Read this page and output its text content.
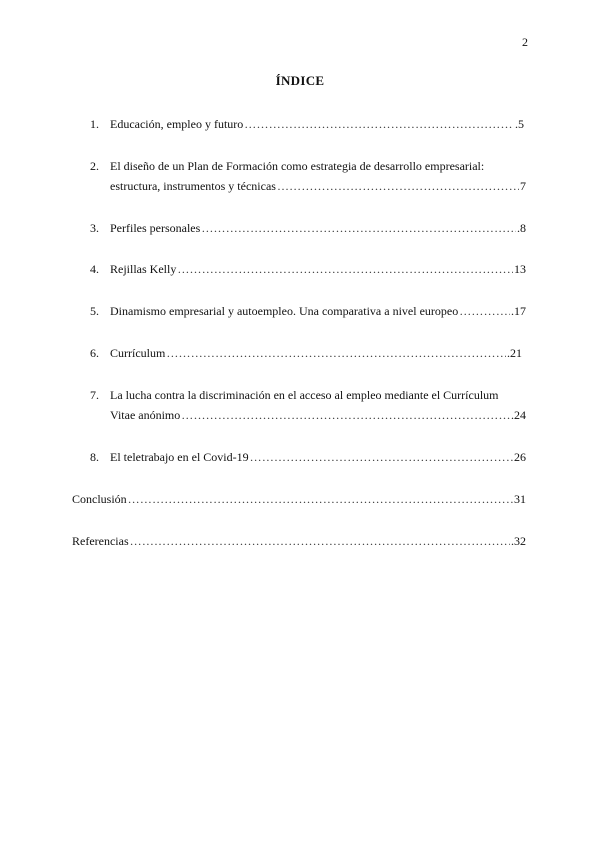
2
ÍNDICE
1. Educación, empleo y futuro …………………………………………………………………………………………………………………………………………………………………………	.5
2. El diseño de un Plan de Formación como estrategia de desarrollo empresarial:
estructura, instrumentos y técnicas …………………………………………………………………………………………………………………………………………………………………………	7
3. Perfiles personales …………………………………………………………………………………………………………………………………………………………………………	.8
4. Rejillas Kelly …………………………………………………………………………………………………………………………………………………………………………	13
5. Dinamismo empresarial y autoempleo. Una comparativa a nivel europeo …………………………………………………………………………………………………………………………………………………………………………	.17
6. Currículum …………………………………………………………………………………………………………………………………………………………………………	.21
7. La lucha contra la discriminación en el acceso al empleo mediante el Currículum
Vitae anónimo …………………………………………………………………………………………………………………………………………………………………………	.24
8. El teletrabajo en el Covid-19 …………………………………………………………………………………………………………………………………………………………………………	26
Conclusión …………………………………………………………………………………………………………………………………………………………………………	31
Referencias …………………………………………………………………………………………………………………………………………………………………………	.32
